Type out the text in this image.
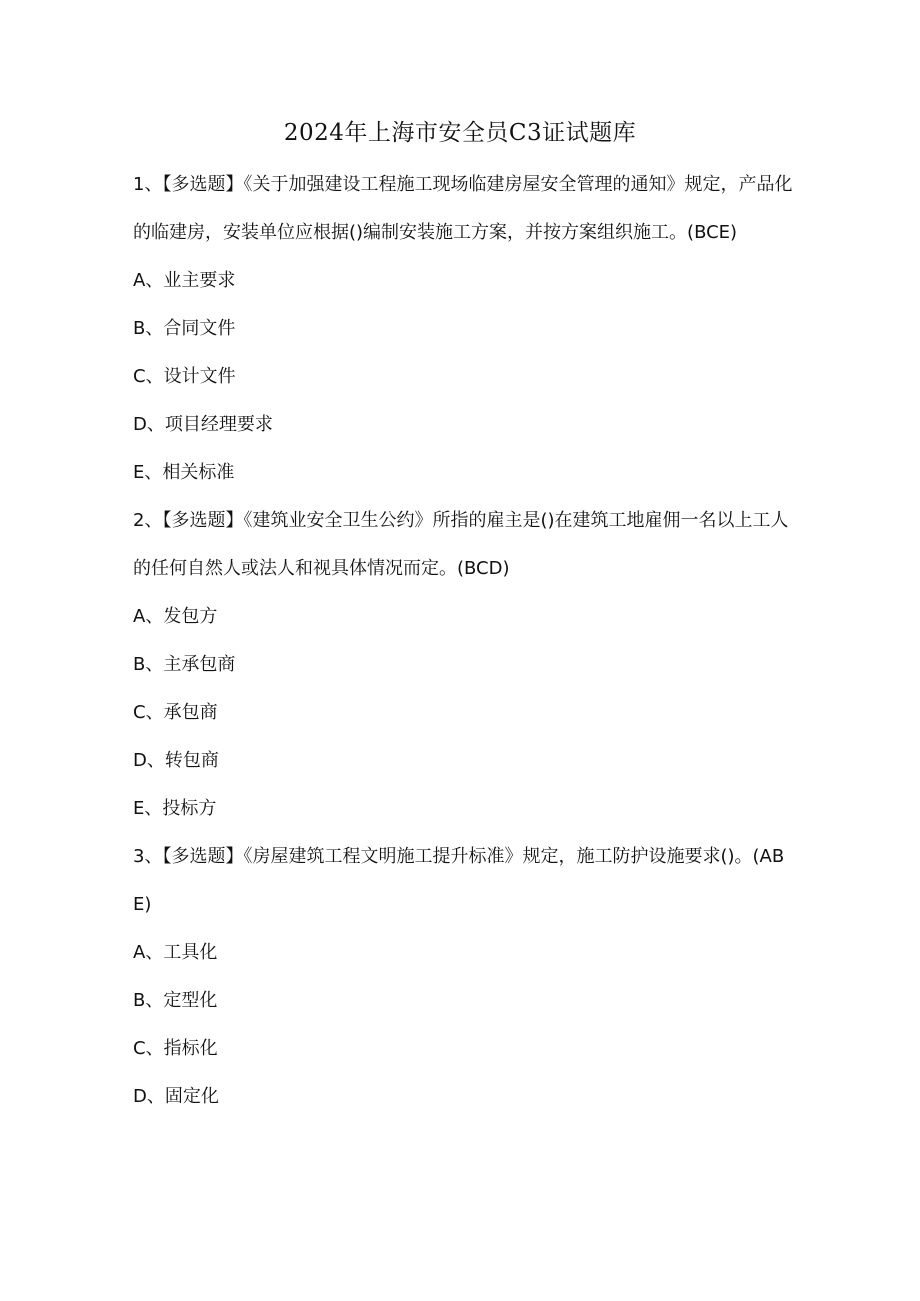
2024年上海市安全员C3证试题库

1、【多选题】《关于加强建设工程施工现场临建房屋安全管理的通知》规定，产品化的临建房，安装单位应根据()编制安装施工方案，并按方案组织施工。(BCE)

A、业主要求

B、合同文件

C、设计文件

D、项目经理要求

E、相关标准

2、【多选题】《建筑业安全卫生公约》所指的雇主是()在建筑工地雇佣一名以上工人的任何自然人或法人和视具体情况而定。(BCD)

A、发包方

B、主承包商

C、承包商

D、转包商

E、投标方

3、【多选题】《房屋建筑工程文明施工提升标准》规定，施工防护设施要求()。(ABE)

A、工具化

B、定型化

C、指标化

D、固定化
